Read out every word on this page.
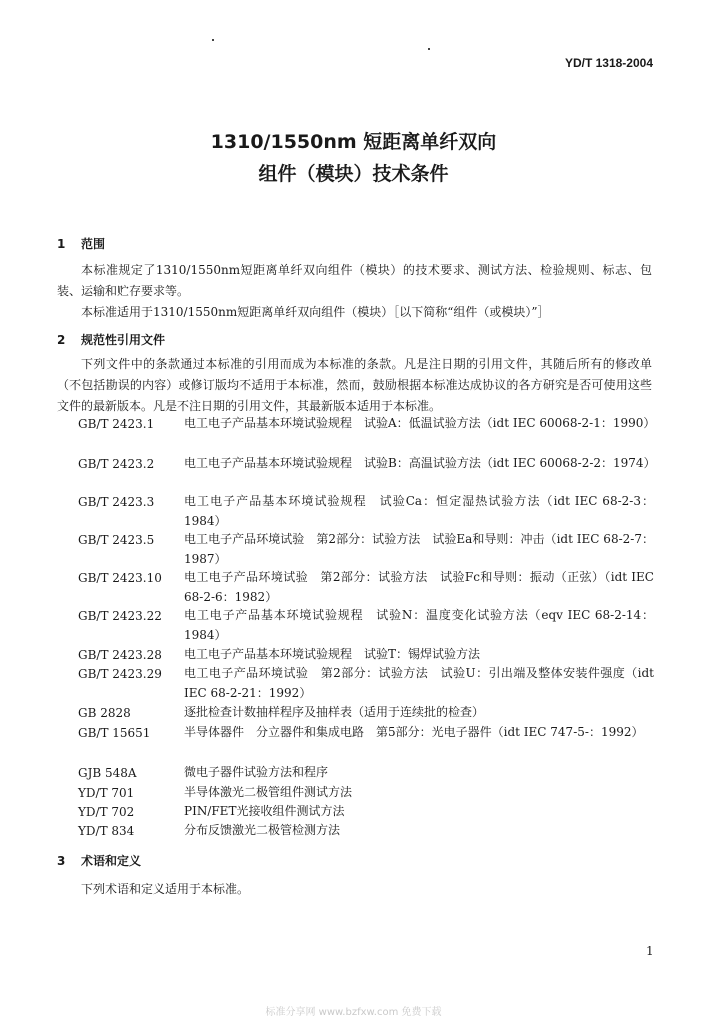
YD/T 1318-2004
1310/1550nm 短距离单纤双向
组件（模块）技术条件
1 范围
本标准规定了1310/1550nm短距离单纤双向组件（模块）的技术要求、测试方法、检验规则、标志、包装、运输和贮存要求等。
本标准适用于1310/1550nm短距离单纤双向组件（模块）［以下简称“组件（或模块）”］
2 规范性引用文件
下列文件中的条款通过本标准的引用而成为本标准的条款。凡是注日期的引用文件，其随后所有的修改单（不包括勘误的内容）或修订版均不适用于本标准，然而，鼓励根据本标准达成协议的各方研究是否可使用这些文件的最新版本。凡是不注日期的引用文件，其最新版本适用于本标准。
GB/T 2423.1 电工电子产品基本环境试验规程　试验A：低温试验方法（idt IEC 60068-2-1：1990）
GB/T 2423.2 电工电子产品基本环境试验规程　试验B：高温试验方法（idt IEC 60068-2-2：1974）
GB/T 2423.3 电工电子产品基本环境试验规程　试验Ca：恒定湿热试验方法（idt IEC 68-2-3：1984）
GB/T 2423.5 电工电子产品环境试验　第2部分：试验方法　试验Ea和导则：冲击（idt IEC 68-2-7：1987）
GB/T 2423.10 电工电子产品环境试验　第2部分：试验方法　试验Fc和导则：振动（正弦）（idt IEC 68-2-6：1982）
GB/T 2423.22 电工电子产品基本环境试验规程　试验N：温度变化试验方法（eqv IEC 68-2-14：1984）
GB/T 2423.28 电工电子产品基本环境试验规程　试验T：锡焊试验方法
GB/T 2423.29 电工电子产品环境试验　第2部分：试验方法　试验U：引出端及整体安装件强度（idt IEC 68-2-21：1992）
GB 2828	逐批检查计数抽样程序及抽样表（适用于连续批的检查）
GB/T 15651	半导体器件　分立器件和集成电路　第5部分：光电子器件（idt IEC 747-5-：1992）
GJB 548A	微电子器件试验方法和程序
YD/T 701	半导体激光二极管组件测试方法
YD/T 702	PIN/FET光接收组件测试方法
YD/T 834	分布反馈激光二极管检测方法
3 术语和定义
下列术语和定义适用于本标准。
1
标准分享网 www.bzfxw.com 免费下载
